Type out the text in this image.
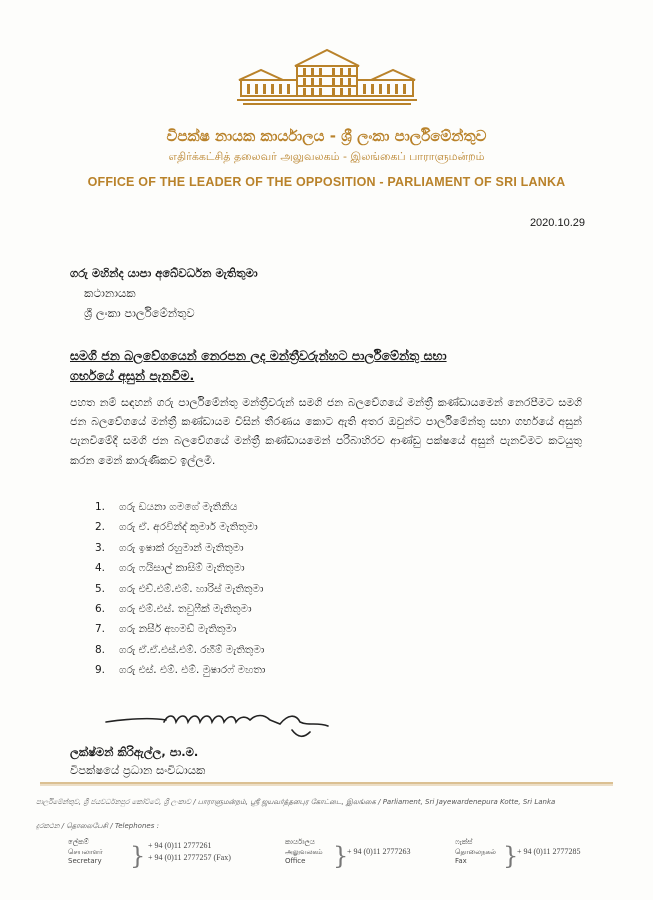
විපක්ෂ නායක කාර්යාලය - ශ්‍රී ලංකා පාර්ලිමේන්තුව
எதிர்க்கட்சித் தலைவர் அலுவலகம் - இலங்கைப் பாராளுமன்றம்
OFFICE OF THE LEADER OF THE OPPOSITION - PARLIAMENT OF SRI LANKA
2020.10.29
ගරු මහින්ද යාපා අබේවර්ධන මැතිතුමා
කථානායක
ශ්‍රී ලංකා පාර්ලිමේන්තුව
සමගි ජන බලවේගයෙන් නෙරපන ලද මන්ත්‍රීවරුන්හට පාර්ලිමේන්තු සභා
ගර්භයේ අසුන් පැනවීම.
පහත නම් සඳහන් ගරු පාර්ලිමේන්තු මන්ත්‍රීවරුන් සමගි ජන බලවේගයේ මන්ත්‍රී කණ්ඩායමෙන් නෙරපීමට සමගි ජන බලවේගයේ මන්ත්‍රී කණ්ඩායම විසින් තීරණය කොට ඇති අතර ඔවුන්ට පාර්ලිමේන්තු සභා ගර්භයේ අසුන් පැනවීමේදී සමගි ජන බලවේගයේ මන්ත්‍රී කණ්ඩායමෙන් පරිබාහිරව ආණ්ඩු පක්ෂයේ අසුන් පැනවීමට කටයුතු කරන මෙන් කාරුණිකව ඉල්ලමි.
1. ගරු ඩයනා ගමගේ මැතිනිය
2. ගරු ඒ. අරවින්ද් කුමාර් මැතිතුමා
3. ගරු ඉෂාක් රහුමාන් මැතිතුමා
4. ගරු ෆයිසාල් කාසිම් මැතිතුමා
5. ගරු එච්.එම්.එම්. හාරිස් මැතිතුමා
6. ගරු එම්.එස්. තවුෆීක් මැතිතුමා
7. ගරු නසීර් අහමඩ් මැතිතුමා
8. ගරු ඒ.ඒ.එස්.එම්. රහීම් මැතිතුමා
9. ගරු එස්. එම්. එම්. මුෂාරෆ් මහතා
ලක්ෂ්මන් කිරිඇල්ල, පා.ම.
විපක්ෂයේ ප්‍රධාන සංවිධායක
පාර්ලිමේන්තුව, ශ්‍රී ජයවර්ධනපුර කෝට්ටේ, ශ්‍රී ලංකාව / பாராளுமன்றம், ஸ்ரீ ஜயவர்த்தனபுர கோட்டை, இலங்கை / Parliament, Sri Jayewardenepura Kotte, Sri Lanka
දුරකථන / தொலைபேசி / Telephones :
ලේකම්
செயலாளர்
Secretary	} + 94 (0)11 2777261
+ 94 (0)11 2777257 (Fax)
කාර්යාලය
அலுவலகம்
Office	}
+ 94 (0)11 2777263
ෆැක්ස්
தொலைநகல்
Fax	}
+ 94 (0)11 2777285
